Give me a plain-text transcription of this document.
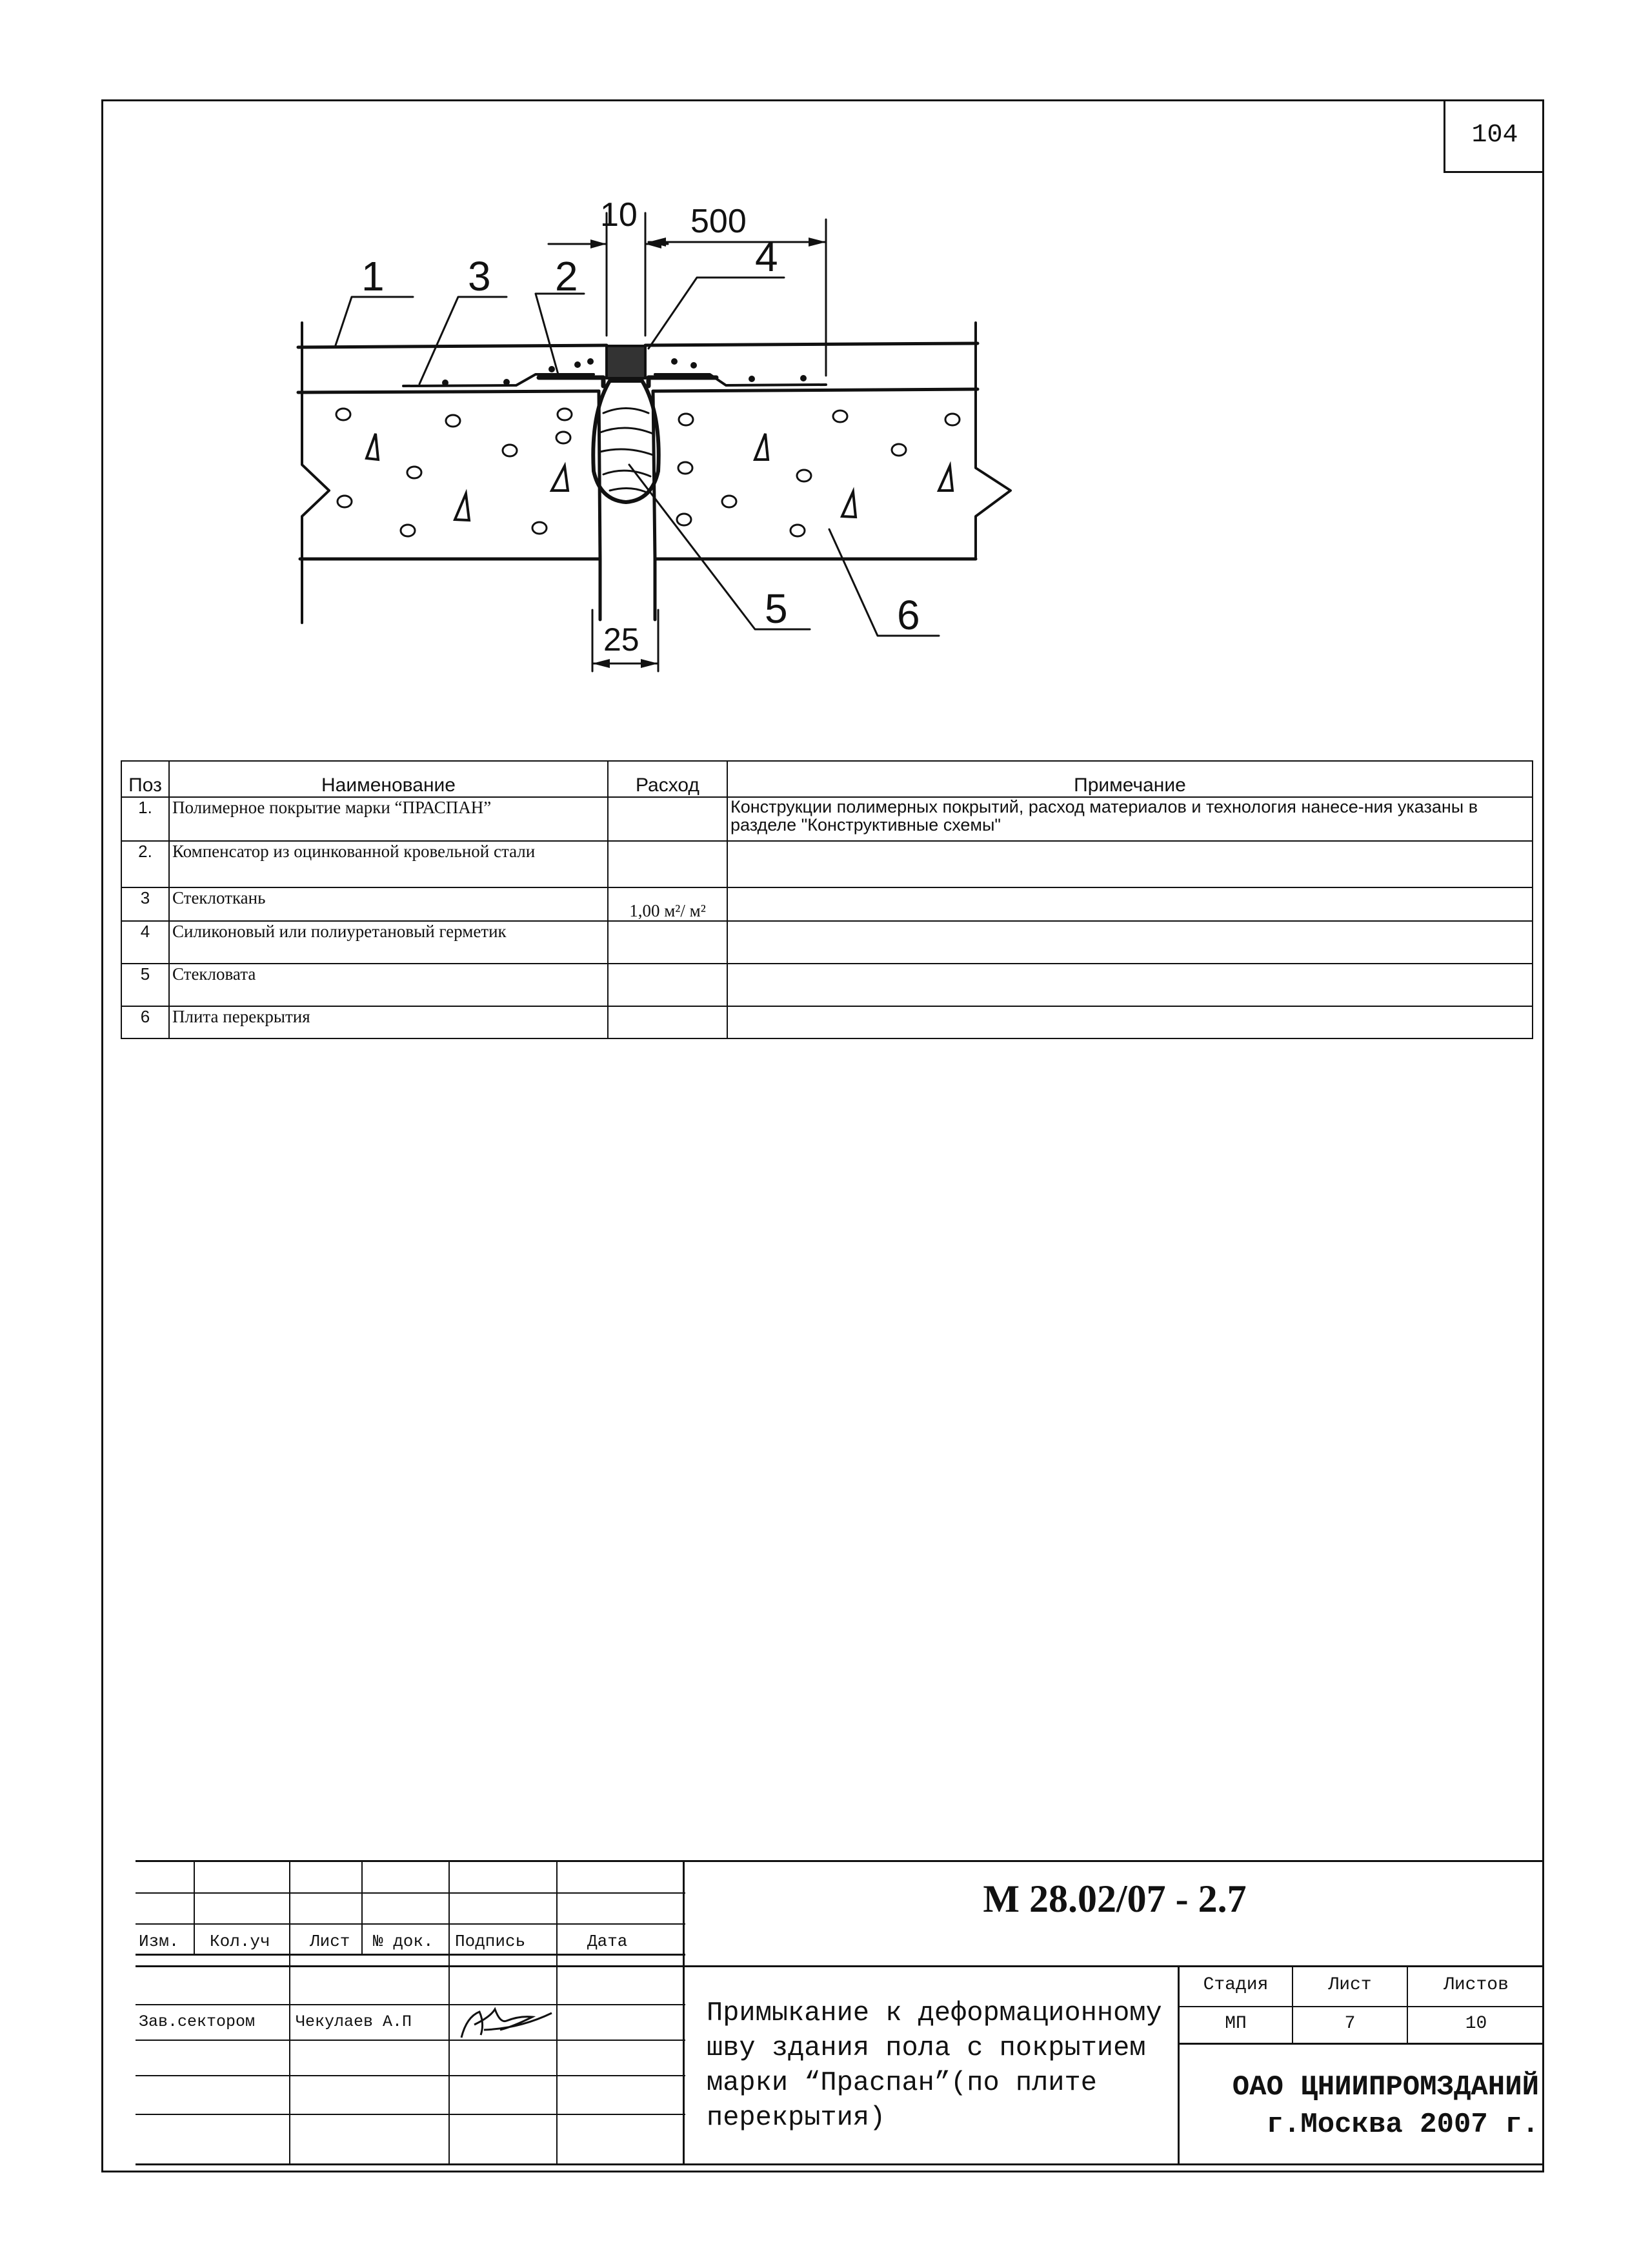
104
10 500
25
1	2
3	4
5	6
Поз	Наименование	Расход	Примечание
1.	Полимерное покрытие марки “ПРАСПАН”		Конструкции полимерных покрытий, расход материалов и технология нанесе-ния указаны в разделе "Конструктивные схемы"
2.	Компенсатор из оцинкованной кровельной стали		
3	Стеклоткань	1,00 м²/ м²	
4	Силиконовый или полиуретановый герметик		
5	Стекловата		
6	Плита перекрытия		
Изм. Кол.уч Лист № док. Подпись	Дата
Зав.сектором	Чекулаев А.П
М 28.02/07 - 2.7
Примыкание к деформационному шву здания пола с покрытием марки “Праспан”(по плите перекрытия)
Стадия	Лист	Листов
МП	7	10
ОАО ЦНИИПРОМЗДАНИЙ
г.Москва 2007 г.
